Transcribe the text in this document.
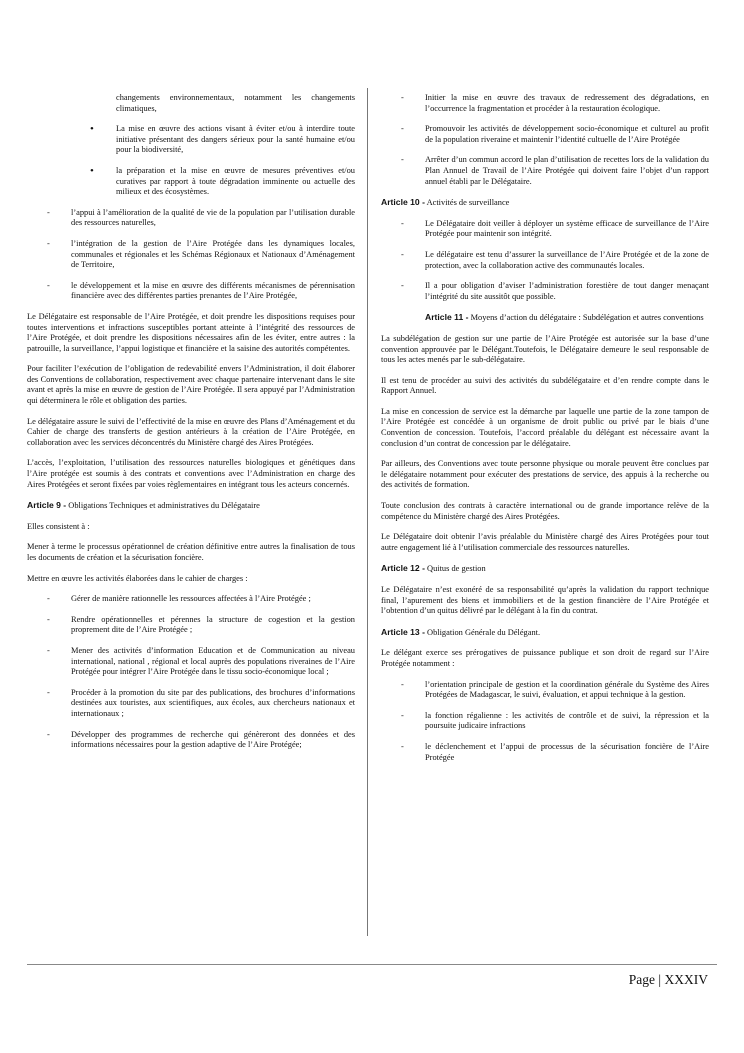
changements environnementaux, notamment les changements climatiques,
•	La mise en œuvre des actions visant à éviter et/ou à interdire toute initiative présentant des dangers sérieux pour la santé humaine et/ou pour la biodiversité,
•	la préparation et la mise en œuvre de mesures préventives et/ou curatives par rapport à toute dégradation imminente ou actuelle des milieux et des écosystèmes.
-	l’appui à l’amélioration de la qualité de vie de la population par l’utilisation durable des ressources naturelles,
-	l’intégration de la gestion de l’Aire Protégée dans les dynamiques locales, communales et régionales et les Schémas Régionaux et Nationaux d’Aménagement de Territoire,
-	le développement et la mise en œuvre des différents mécanismes de pérennisation financière avec des différentes parties prenantes de l’Aire Protégée,

Le Délégataire est responsable de l’Aire Protégée, et doit prendre les dispositions requises pour toutes interventions et infractions susceptibles portant atteinte à l’intégrité des ressources de l’Aire Protégée, et doit prendre les dispositions nécessaires afin de les éviter, entre autres : la patrouille, la surveillance, l’appui logistique et financière et la saisine des autorités compétentes.

Pour faciliter l’exécution de l’obligation de redevabilité envers l’Administration, il doit élaborer des Conventions de collaboration, respectivement avec chaque partenaire intervenant dans le site avant et après la mise en œuvre de gestion de l’Aire Protégée. Il sera appuyé par l’Administration qui déterminera le rôle et obligation des parties.

Le délégataire assure le suivi de l’effectivité de la mise en œuvre des Plans d’Aménagement et du Cahier de charge des transferts de gestion antérieurs à la création de l’Aire Protégée, en collaboration avec les services déconcentrés du Ministère chargé des Aires Protégées.

L’accès, l’exploitation, l’utilisation des ressources naturelles biologiques et génétiques dans l’Aire protégée est soumis à des contrats et conventions avec l’Administration en charge des Aires Protégées et seront fixées par voies règlementaires en intégrant tous les acteurs concernés.

Article 9 - Obligations Techniques et administratives du Délégataire

Elles consistent à :

Mener à terme le processus opérationnel de création définitive entre autres la finalisation de tous les documents de création et la sécurisation foncière.

Mettre en œuvre les activités élaborées dans le cahier de charges :

-	Gérer de manière rationnelle les ressources affectées à l’Aire Protégée ;
-	Rendre opérationnelles et pérennes la structure de cogestion et la gestion proprement dite de l’Aire Protégée ;
-	Mener des activités d’information Education et de Communication au niveau international, national , régional et local auprès des populations riveraines de l’Aire Protégée pour intégrer l’Aire Protégée dans le tissu socio-économique local ;
-	Procéder à la promotion du site par des publications, des brochures d’informations destinées aux touristes, aux scientifiques, aux écoles, aux chercheurs nationaux et internationaux ;
-	Développer des programmes de recherche qui génèreront des données et des informations nécessaires pour la gestion adaptive de l’Aire Protégée;
-	Initier la mise en œuvre des travaux de redressement des dégradations, en l’occurrence la fragmentation et procéder à la restauration écologique.
-	Promouvoir les activités de développement socio-économique et culturel au profit de la population riveraine et maintenir l’identité cultuelle de l’Aire Protégée
-	Arrêter d’un commun accord le plan d’utilisation de recettes lors de la validation du Plan Annuel de Travail de l’Aire Protégée qui doivent faire l’objet d’un rapport annuel établi par le Délégataire.

Article 10 - Activités de surveillance

-	Le Délégataire doit veiller à déployer un système efficace de surveillance de l’Aire Protégée pour maintenir son intégrité.
-	Le délégataire est tenu d’assurer la surveillance de l’Aire Protégée et de la zone de protection, avec la collaboration active des communautés locales.
-	Il a pour obligation d’aviser l’administration forestière de tout danger menaçant l’intégrité du site aussitôt que possible.

Article 11 - Moyens d’action du délégataire : Subdélégation et autres conventions

La subdélégation de gestion sur une partie de l’Aire Protégée est autorisée sur la base d’une convention approuvée par le Délégant.Toutefois, le Délégataire demeure le seul responsable de tous les actes menés par le sub-délégataire.

Il est tenu de procéder au suivi des activités du subdélégataire et d’en rendre compte dans le Rapport Annuel.

La mise en concession de service est la démarche par laquelle une partie de la zone tampon de l’Aire Protégée est concédée à un organisme de droit public ou privé par le biais d’une Convention de concession. Toutefois, l’accord préalable du délégant est nécessaire avant la conclusion d’un contrat de concession par le délégataire.

Par ailleurs, des Conventions avec toute personne physique ou morale peuvent être conclues par le délégataire notamment pour exécuter des prestations de service, des appuis à la recherche ou des activités de formation.

Toute conclusion des contrats à caractère international ou de grande importance relève de la compétence du Ministère chargé des Aires Protégées.

Le Délégataire doit obtenir l’avis préalable du Ministère chargé des Aires Protégées pour tout autre engagement lié à l’utilisation commerciale des ressources naturelles.

Article 12 - Quitus de gestion

Le Délégataire n’est exonéré de sa responsabilité qu’après la validation du rapport technique final, l’apurement des biens et immobiliers et de la gestion financière de l’Aire Protégée et l’obtention d’un quitus délivré par le délégant à la fin du contrat.

Article 13 - Obligation Générale du Délégant.

Le délégant exerce ses prérogatives de puissance publique et son droit de regard sur l’Aire Protégée notamment :

-	l’orientation principale de gestion et la coordination générale du Système des Aires Protégées de Madagascar, le suivi, évaluation, et appui technique à la gestion.
-	la fonction régalienne : les activités de contrôle et de suivi, la répression et la poursuite judicaire infractions
-	le déclenchement et l’appui de processus de la sécurisation foncière de l’Aire Protégée
Page | XXXIV
